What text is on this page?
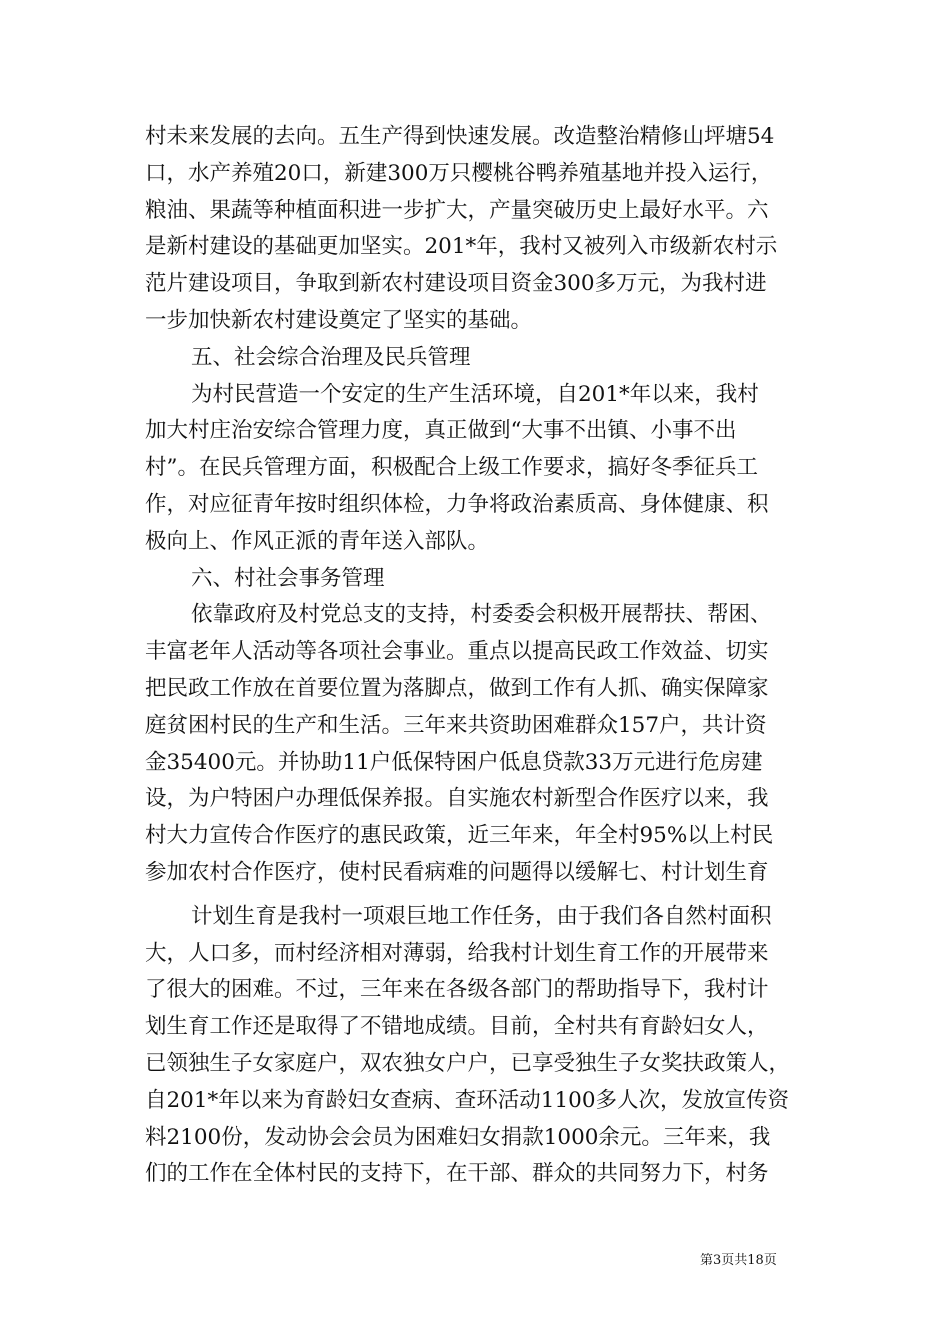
村未来发展的去向。五生产得到快速发展。改造整治精修山坪塘54
口，水产养殖20口，新建300万只樱桃谷鸭养殖基地并投入运行，
粮油、果蔬等种植面积进一步扩大，产量突破历史上最好水平。六
是新村建设的基础更加坚实。201*年，我村又被列入市级新农村示
范片建设项目，争取到新农村建设项目资金300多万元，为我村进
一步加快新农村建设奠定了坚实的基础。
五、社会综合治理及民兵管理
为村民营造一个安定的生产生活环境，自201*年以来，我村
加大村庄治安综合管理力度，真正做到“大事不出镇、小事不出
村”。在民兵管理方面，积极配合上级工作要求，搞好冬季征兵工
作，对应征青年按时组织体检，力争将政治素质高、身体健康、积
极向上、作风正派的青年送入部队。
六、村社会事务管理
依靠政府及村党总支的支持，村委委会积极开展帮扶、帮困、
丰富老年人活动等各项社会事业。重点以提高民政工作效益、切实
把民政工作放在首要位置为落脚点，做到工作有人抓、确实保障家
庭贫困村民的生产和生活。三年来共资助困难群众157户，共计资
金35400元。并协助11户低保特困户低息贷款33万元进行危房建
设，为户特困户办理低保养报。自实施农村新型合作医疗以来，我
村大力宣传合作医疗的惠民政策，近三年来，年全村95%以上村民
参加农村合作医疗，使村民看病难的问题得以缓解七、村计划生育
计划生育是我村一项艰巨地工作任务，由于我们各自然村面积
大，人口多，而村经济相对薄弱，给我村计划生育工作的开展带来
了很大的困难。不过，三年来在各级各部门的帮助指导下，我村计
划生育工作还是取得了不错地成绩。目前，全村共有育龄妇女人，
已领独生子女家庭户，双农独女户户，已享受独生子女奖扶政策人，
自201*年以来为育龄妇女查病、查环活动1100多人次，发放宣传资
料2100份，发动协会会员为困难妇女捐款1000余元。三年来，我
们的工作在全体村民的支持下，在干部、群众的共同努力下，村务
第3页共18页
